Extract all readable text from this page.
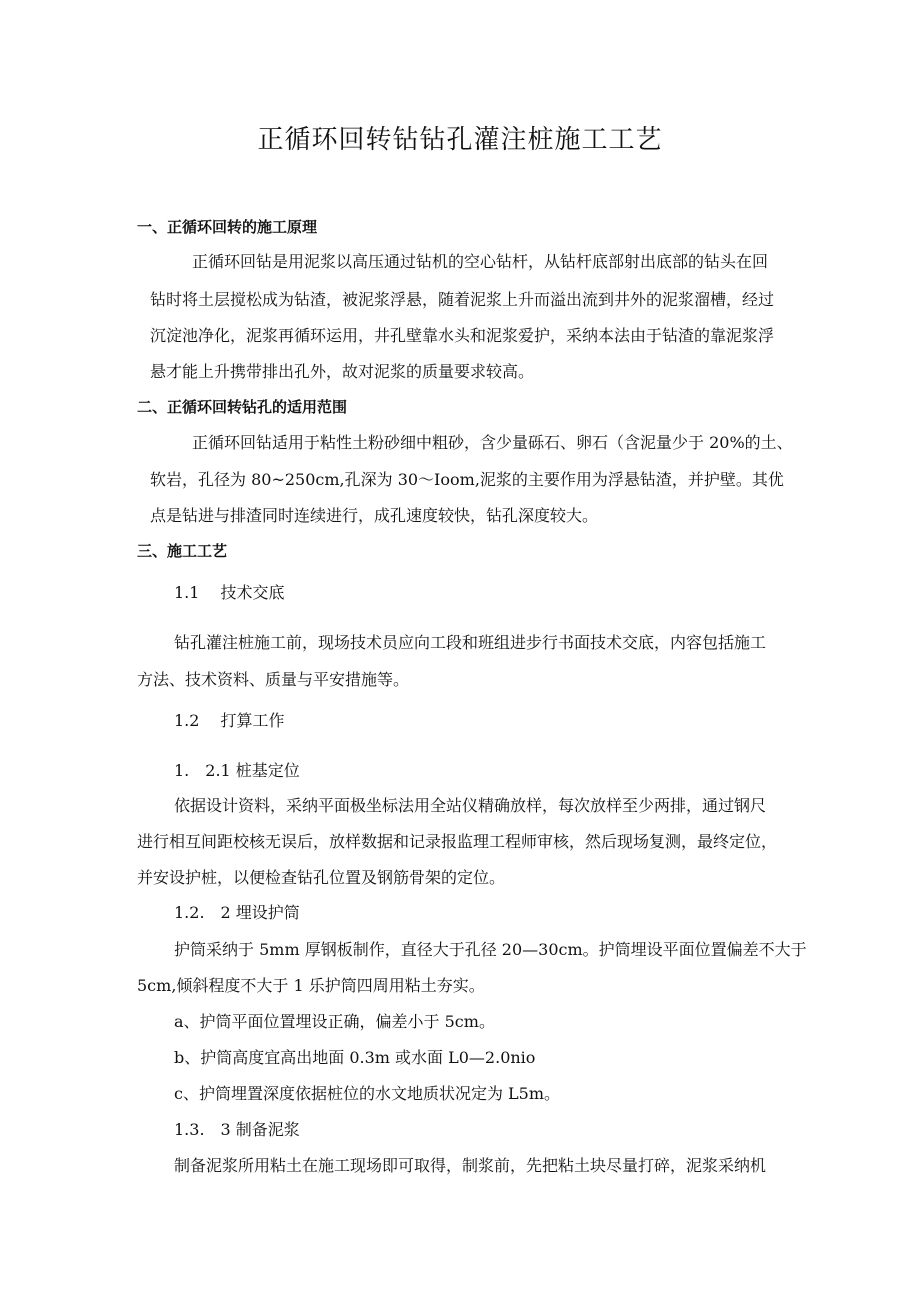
正循环回转钻钻孔灌注桩施工工艺
一、正循环回转的施工原理
正循环回钻是用泥浆以高压通过钻机的空心钻杆，从钻杆底部射出底部的钻头在回
钻时将土层搅松成为钻渣，被泥浆浮悬，随着泥浆上升而溢出流到井外的泥浆溜槽，经过
沉淀池净化，泥浆再循环运用，井孔壁靠水头和泥浆爱护，采纳本法由于钻渣的靠泥浆浮
悬才能上升携带排出孔外，故对泥浆的质量要求较高。
二、正循环回转钻孔的适用范围
正循环回钻适用于粘性土粉砂细中粗砂，含少量砾石、卵石（含泥量少于 20%的土、
软岩，孔径为 80~250cm,孔深为 30～Ioom,泥浆的主要作用为浮悬钻渣，并护壁。其优
点是钻进与排渣同时连续进行，成孔速度较快，钻孔深度较大。
三、施工工艺
1.1　 技术交底
钻孔灌注桩施工前，现场技术员应向工段和班组进步行书面技术交底，内容包括施工
方法、技术资料、质量与平安措施等。
1.2　 打算工作
1.　2.1 桩基定位
依据设计资料，采纳平面极坐标法用全站仪精确放样，每次放样至少两排，通过钢尺
进行相互间距校核无误后，放样数据和记录报监理工程师审核，然后现场复测，最终定位，
并安设护桩，以便检查钻孔位置及钢筋骨架的定位。
1.2.　2 埋设护筒
护筒采纳于 5mm 厚钢板制作，直径大于孔径 20—30cm。护筒埋设平面位置偏差不大于
5cm,倾斜程度不大于 1 乐护筒四周用粘土夯实。
a、护筒平面位置埋设正确，偏差小于 5cm。
b、护筒高度宜高出地面 0.3m 或水面 L0—2.0nio
c、护筒埋置深度依据桩位的水文地质状况定为 L5m。
1.3.　3 制备泥浆
制备泥浆所用粘土在施工现场即可取得，制浆前，先把粘土块尽量打碎，泥浆采纳机
